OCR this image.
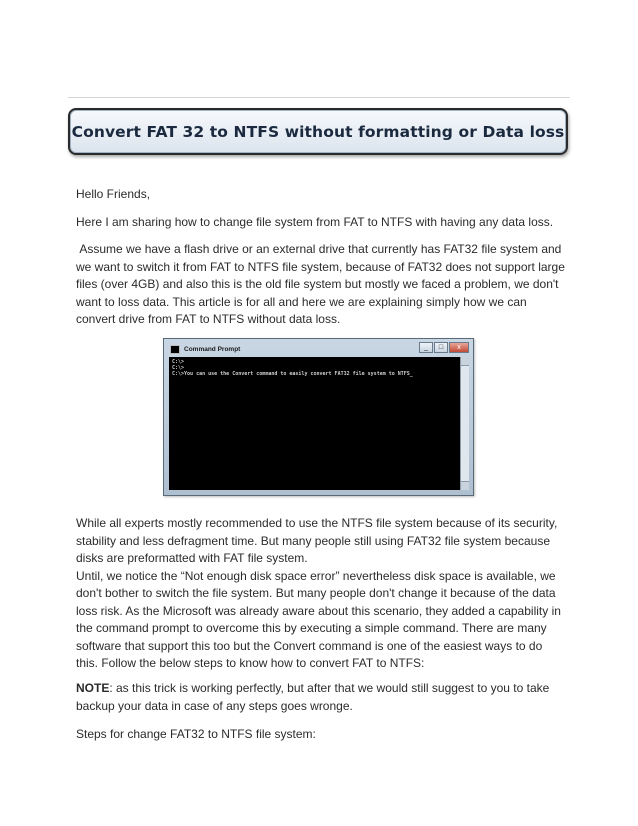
Convert FAT 32 to NTFS without formatting or Data loss

Hello Friends,

Here I am sharing how to change file system from FAT to NTFS with having any data loss.

Assume we have a flash drive or an external drive that currently has FAT32 file system and we want to switch it from FAT to NTFS file system, because of FAT32 does not support large files (over 4GB) and also this is the old file system but mostly we faced a problem, we don't want to loss data. This article is for all and here we are explaining simply how we can convert drive from FAT to NTFS without data loss.

Command Prompt	_	□	x
C:\>
C:\>
C:\>You can use the Convert command to easily convert FAT32 file system to NTFS_

While all experts mostly recommended to use the NTFS file system because of its security, stability and less defragment time. But many people still using FAT32 file system because disks are preformatted with FAT file system.
Until, we notice the “Not enough disk space error” nevertheless disk space is available, we don't bother to switch the file system. But many people don't change it because of the data loss risk. As the Microsoft was already aware about this scenario, they added a capability in the command prompt to overcome this by executing a simple command. There are many software that support this too but the Convert command is one of the easiest ways to do this. Follow the below steps to know how to convert FAT to NTFS:

NOTE: as this trick is working perfectly, but after that we would still suggest to you to take backup your data in case of any steps goes wronge.

Steps for change FAT32 to NTFS file system:
